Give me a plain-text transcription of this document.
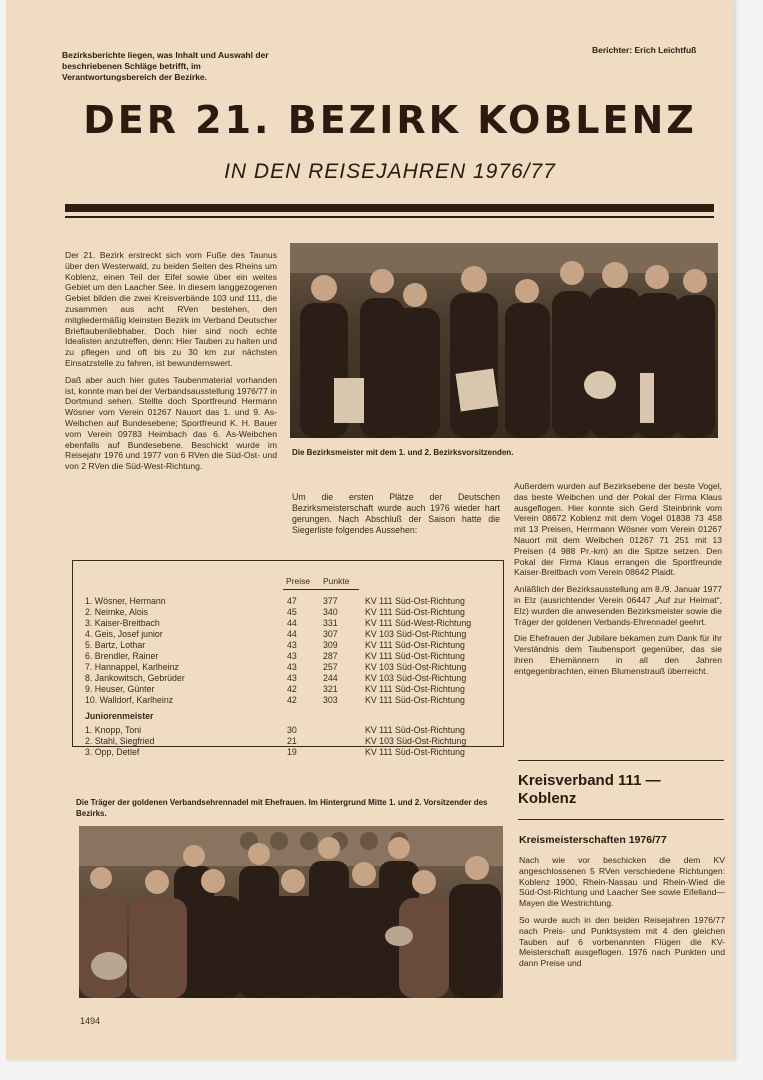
Bezirksberichte liegen, was Inhalt und Auswahl der beschriebenen Schläge betrifft, im Verantwortungsbereich der Bezirke.
Berichter: Erich Leichtfuß
DER 21. BEZIRK KOBLENZ
IN DEN REISEJAHREN 1976/77

Der 21. Bezirk erstreckt sich vom Fuße des Taunus über den Westerwald, zu beiden Seiten des Rheins um Koblenz, einen Teil der Eifel sowie über ein weites Gebiet um den Laacher See. In diesem langgezogenen Gebiet bilden die zwei Kreisverbände 103 und 111, die zusammen aus acht RVen bestehen, den mitgliedermäßig kleinsten Bezirk im Verband Deutscher Brieftaubenliebhaber. Doch hier sind noch echte Idealisten anzutreffen, denn: Hier Tauben zu halten und zu pflegen und oft bis zu 30 km zur nächsten Einsatzstelle zu fahren, ist bewundernswert.

Daß aber auch hier gutes Taubenmaterial vorhanden ist, konnte man bei der Verbandsausstellung 1976/77 in Dortmund sehen. Stellte doch Sportfreund Hermann Wösner vom Verein 01267 Nauort das 1. und 9. As-Weibchen auf Bundesebene; Sportfreund K. H. Bauer vom Verein 09783 Heimbach das 6. As-Weibchen ebenfalls auf Bundesebene. Beschickt wurde im Reisejahr 1976 und 1977 von 6 RVen die Süd-Ost- und von 2 RVen die Süd-West-Richtung.

Die Bezirksmeister mit dem 1. und 2. Bezirksvorsitzenden.
Um die ersten Plätze der Deutschen Bezirksmeisterschaft wurde auch 1976 wieder hart gerungen. Nach Abschluß der Saison hatte die Siegerliste folgendes Aussehen:

Außerdem wurden auf Bezirksebene der beste Vogel, das beste Weibchen und der Pokal der Firma Klaus ausgeflogen. Hier konnte sich Gerd Steinbrink vom Verein 08672 Koblenz mit dem Vogel 01838 73 458 mit 13 Preisen, Herrmann Wösner vom Verein 01267 Nauort mit dem Weibchen 01267 71 251 mit 13 Preisen (4 988 Pr.-km) an die Spitze setzen. Den Pokal der Firma Klaus errangen die Sportfreunde Kaiser-Breitbach vom Verein 08642 Plaidt.

Anläßlich der Bezirksausstellung am 8./9. Januar 1977 in Elz (ausrichtender Verein 06447 „Auf zur Heimat“, Elz) wurden die anwesenden Bezirksmeister sowie die Träger der goldenen Verbands-Ehrennadel geehrt.

Die Ehefrauen der Jubilare bekamen zum Dank für ihr Verständnis dem Taubensport gegenüber, das sie ihren Ehemännern in all den Jahren entgegenbrachten, einen Blumenstrauß überreicht.

Preise Punkte
1. Wösner, Hermann	47	377	KV 111 Süd-Ost-Richtung
2. Neimke, Alois	45	340	KV 111 Süd-Ost-Richtung
3. Kaiser-Breitbach	44	331	KV 111 Süd-West-Richtung
4. Geis, Josef junior	44	307	KV 103 Süd-Ost-Richtung
5. Bartz, Lothar	43	309	KV 111 Süd-Ost-Richtung
6. Brendler, Rainer	43	287	KV 111 Süd-Ost-Richtung
7. Hannappel, Karlheinz	43	257	KV 103 Süd-Ost-Richtung
8. Jankowitsch, Gebrüder	43	244	KV 103 Süd-Ost-Richtung
9. Heuser, Günter	42	321	KV 111 Süd-Ost-Richtung
10. Walldorf, Karlheinz	42	303	KV 111 Süd-Ost-Richtung
Juniorenmeister
1. Knopp, Toni	30	KV 111 Süd-Ost-Richtung
2. Stahl, Siegfried	21	KV 103 Süd-Ost-Richtung
3. Opp, Detlef	19	KV 111 Süd-Ost-Richtung
Die Träger der goldenen Verbandsehrennadel mit Ehefrauen. Im Hintergrund Mitte 1. und 2. Vorsitzender des Bezirks.
Kreisverband 111 —
Koblenz
Kreismeisterschaften 1976/77

Nach wie vor beschicken die dem KV angeschlossenen 5 RVen verschiedene Richtungen: Koblenz 1900, Rhein-Nassau und Rhein-Wied die Süd-Ost-Richtung und Laacher See sowie Eifelland—Mayen die Westrichtung.

So wurde auch in den beiden Reisejahren 1976/77 nach Preis- und Punktsystem mit 4 den gleichen Tauben auf 6 vorbenannten Flügen die KV-Meisterschaft ausgeflogen. 1976 nach Punkten und dann Preise und

1494
